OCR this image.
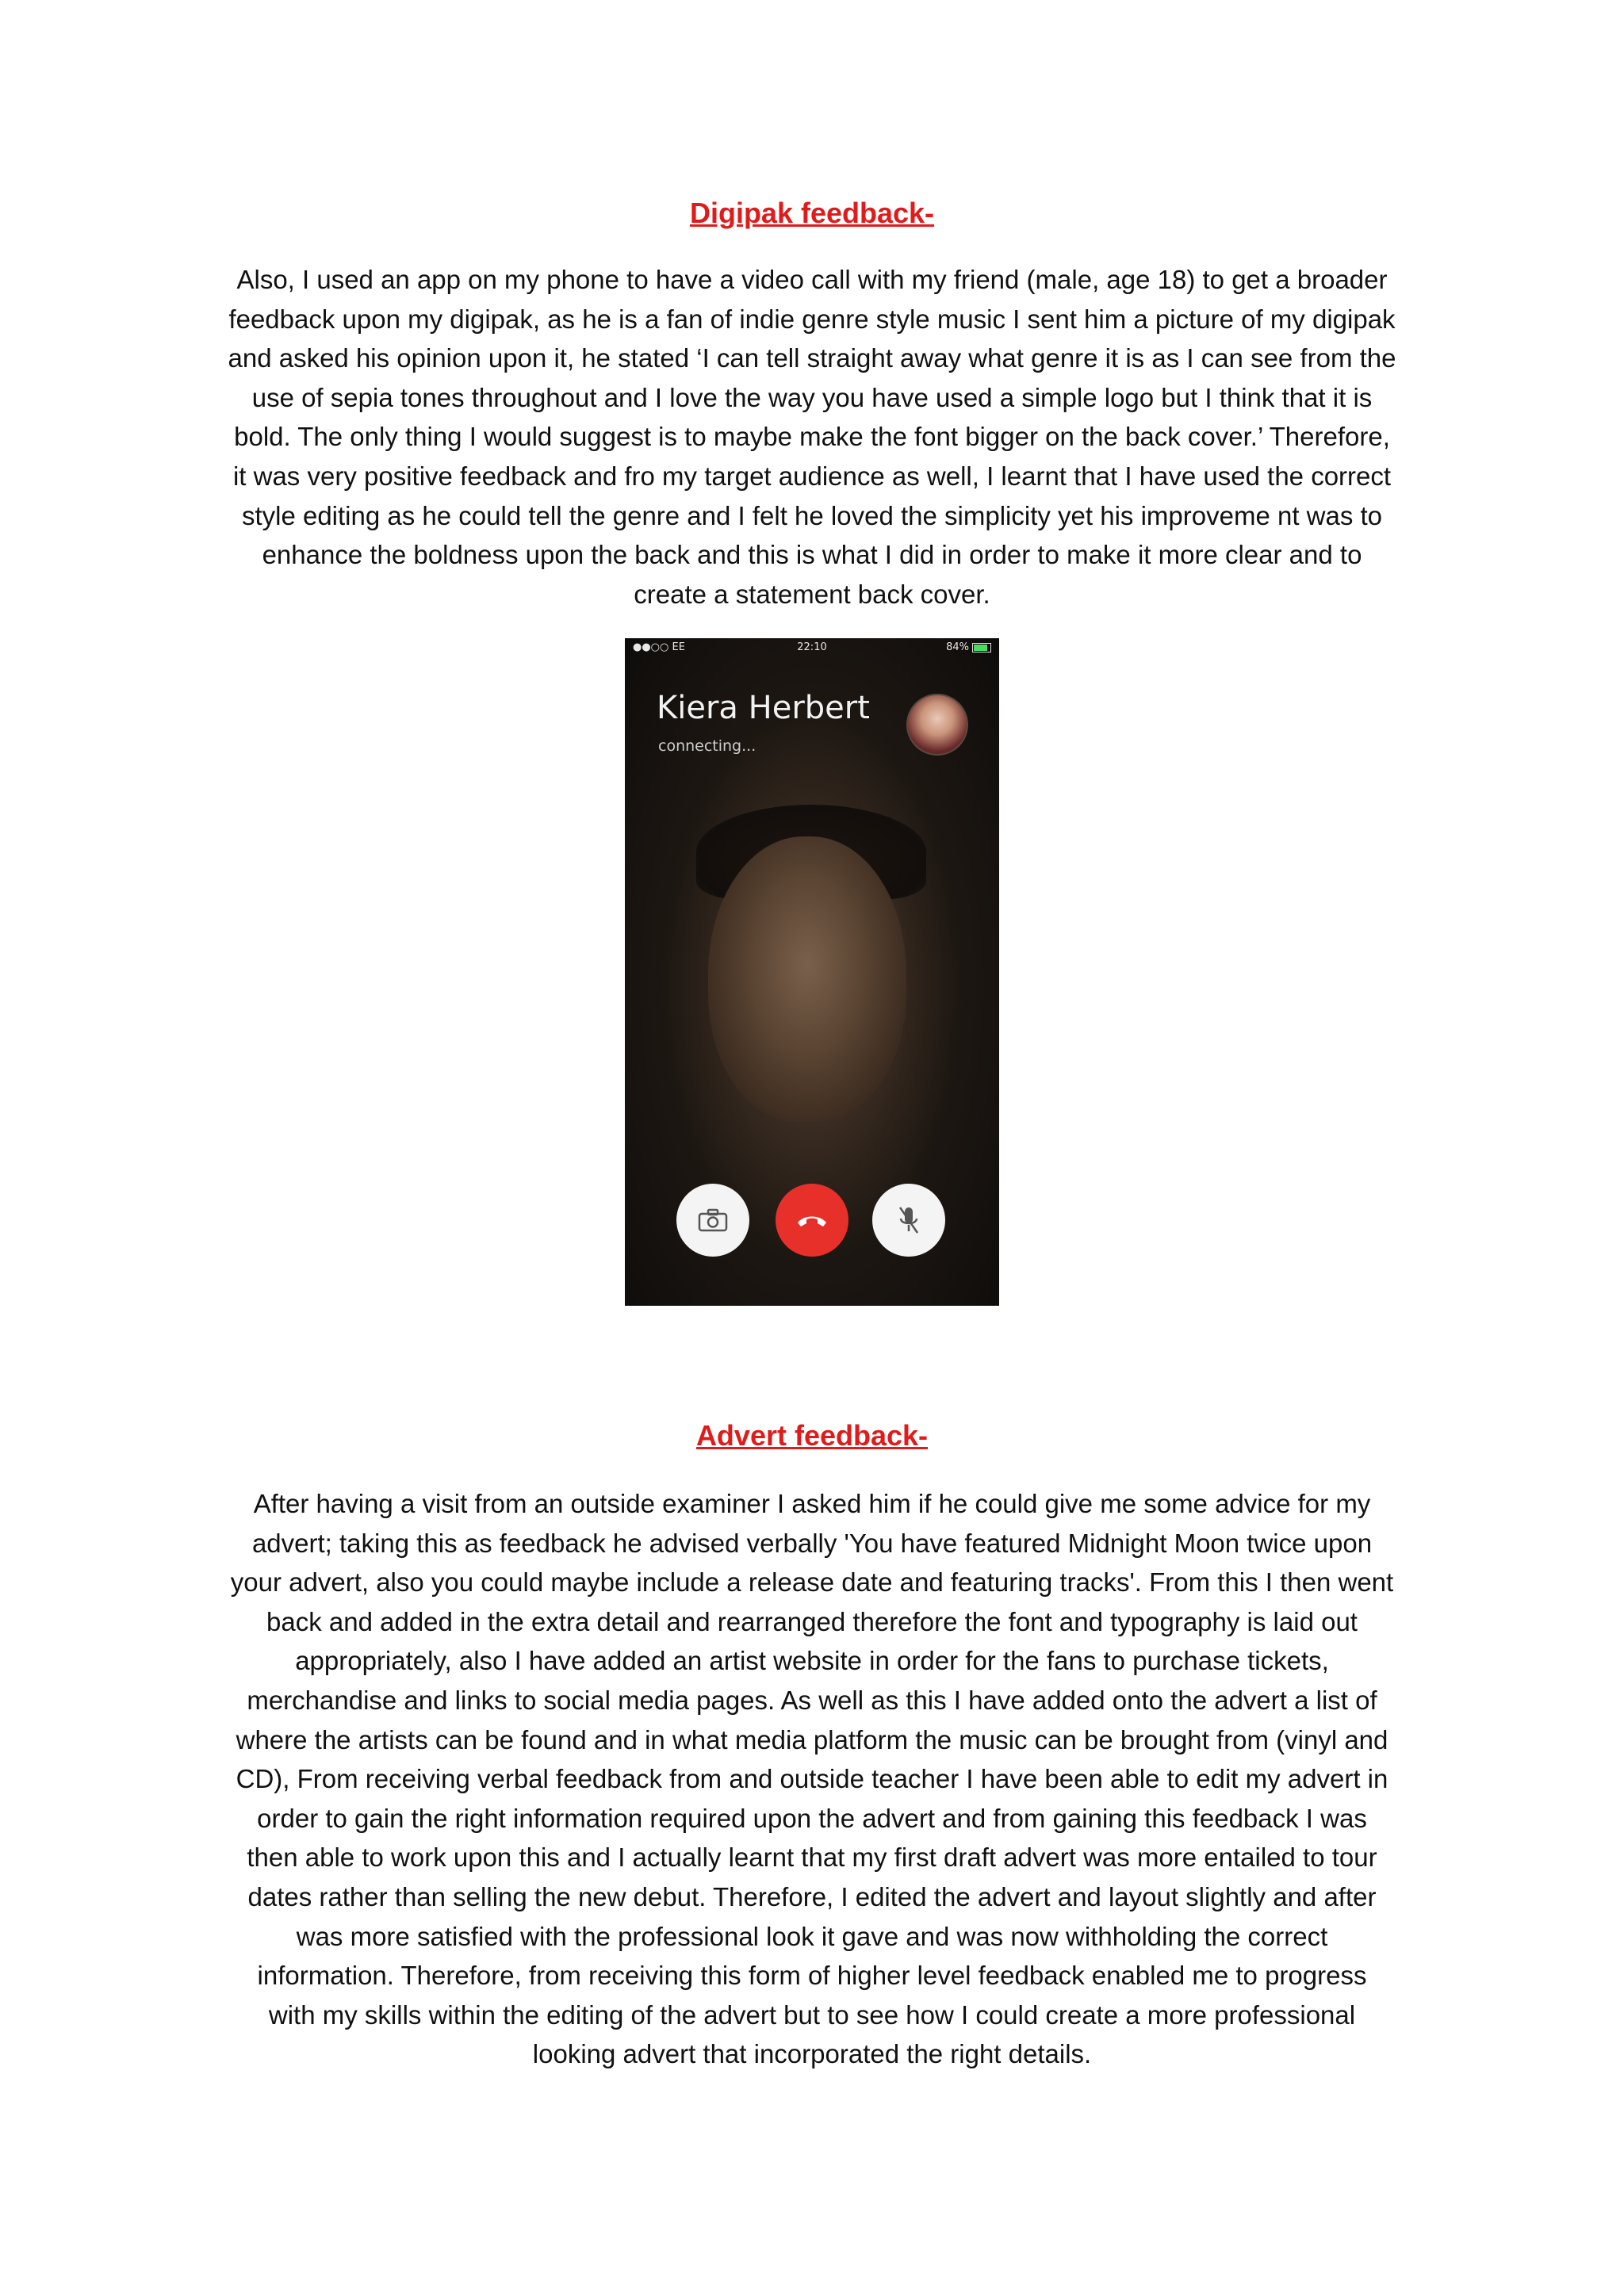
Digipak feedback-
Also, I used an app on my phone to have a video call with my friend (male, age 18) to get a broader
feedback upon my digipak, as he is a fan of indie genre style music I sent him a picture of my digipak
and asked his opinion upon it, he stated ‘I can tell straight away what genre it is as I can see from the
use of sepia tones throughout and I love the way you have used a simple logo but I think that it is
bold. The only thing I would suggest is to maybe make the font bigger on the back cover.’ Therefore,
it was very positive feedback and fro my target audience as well, I learnt that I have used the correct
style editing as he could tell the genre and I felt he loved the simplicity yet his improveme nt was to
enhance the boldness upon the back and this is what I did in order to make it more clear and to
create a statement back cover.
●●○○ EE	22:10	84%
Kiera Herbert
connecting...
Advert feedback-
After having a visit from an outside examiner I asked him if he could give me some advice for my
advert; taking this as feedback he advised verbally 'You have featured Midnight Moon twice upon
your advert, also you could maybe include a release date and featuring tracks'. From this I then went
back and added in the extra detail and rearranged therefore the font and typography is laid out
appropriately, also I have added an artist website in order for the fans to purchase tickets,
merchandise and links to social media pages. As well as this I have added onto the advert a list of
where the artists can be found and in what media platform the music can be brought from (vinyl and
CD), From receiving verbal feedback from and outside teacher I have been able to edit my advert in
order to gain the right information required upon the advert and from gaining this feedback I was
then able to work upon this and I actually learnt that my first draft advert was more entailed to tour
dates rather than selling the new debut. Therefore, I edited the advert and layout slightly and after
was more satisfied with the professional look it gave and was now withholding the correct
information. Therefore, from receiving this form of higher level feedback enabled me to progress
with my skills within the editing of the advert but to see how I could create a more professional
looking advert that incorporated the right details.
